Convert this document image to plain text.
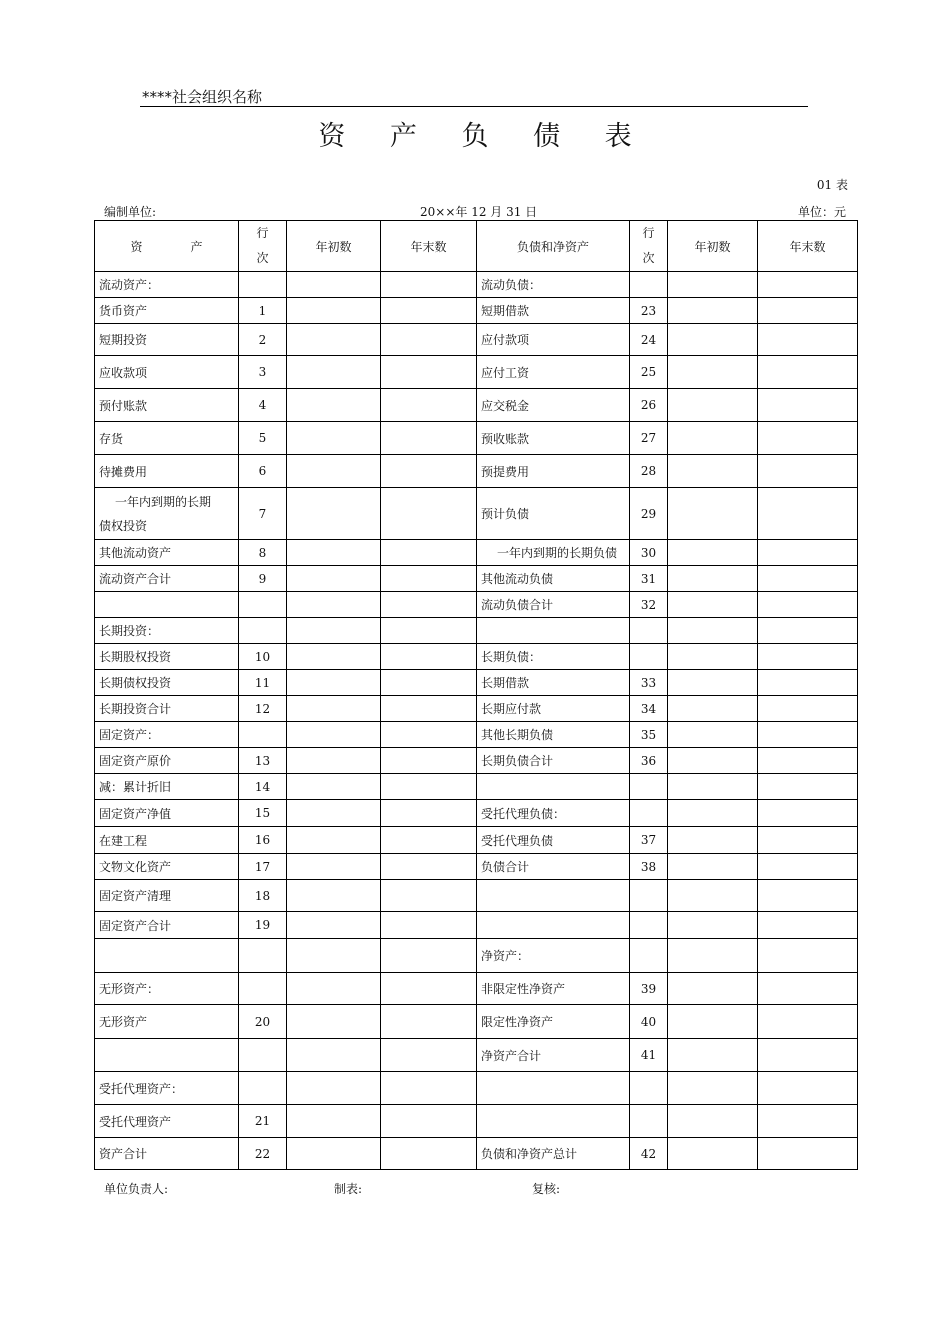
****社会组织名称
资 产 负 债 表
01 表
编制单位:	20××年 12 月 31 日	单位：元
资　　　　产	行次	年初数	年末数	负债和净资产	行次	年初数	年末数
流动资产：				流动负债：			
货币资产	1			短期借款	23		
短期投资	2			应付款项	24		
应收款项	3			应付工资	25		
预付账款	4			应交税金	26		
存货	5			预收账款	27		
待摊费用	6			预提费用	28		

一年内到期的长期
债权投资	7			预计负债	29		
其他流动资产	8			一年内到期的长期负债	30		
流动资产合计	9			其他流动负债	31		
				流动负债合计	32		
长期投资：							
长期股权投资	10			长期负债：			
长期债权投资	11			长期借款	33		
长期投资合计	12			长期应付款	34		
固定资产：				其他长期负债	35		
固定资产原价	13			长期负债合计	36		
减：累计折旧	14						
固定资产净值	15			受托代理负债：			
在建工程	16			受托代理负债	37		
文物文化资产	17			负债合计	38		
固定资产清理	18						
固定资产合计	19						
				净资产：			
无形资产：				非限定性净资产	39		
无形资产	20			限定性净资产	40		
				净资产合计	41		
受托代理资产：							
受托代理资产	21						
资产合计	22			负债和净资产总计	42		
单位负责人:	制表:	复核:
